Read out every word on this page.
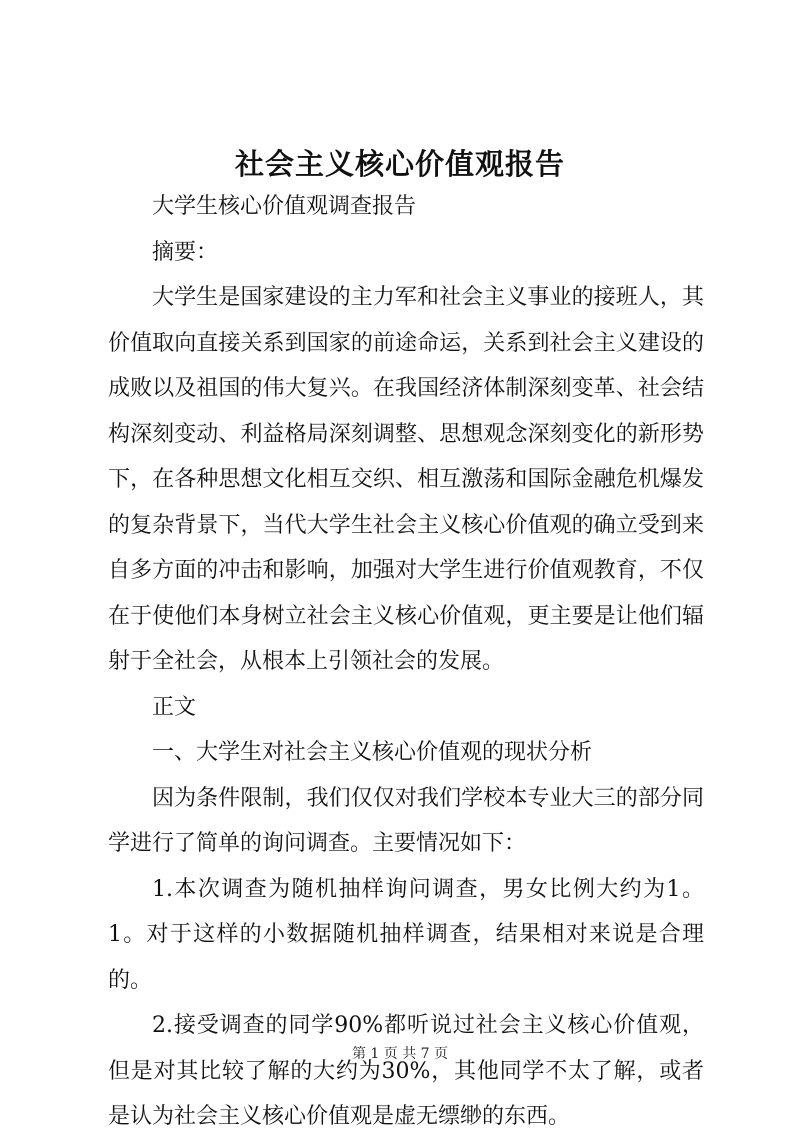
社会主义核心价值观报告

大学生核心价值观调查报告

摘要：

大学生是国家建设的主力军和社会主义事业的接班人，其价值取向直接关系到国家的前途命运，关系到社会主义建设的成败以及祖国的伟大复兴。在我国经济体制深刻变革、社会结构深刻变动、利益格局深刻调整、思想观念深刻变化的新形势下，在各种思想文化相互交织、相互激荡和国际金融危机爆发的复杂背景下，当代大学生社会主义核心价值观的确立受到来自多方面的冲击和影响，加强对大学生进行价值观教育，不仅在于使他们本身树立社会主义核心价值观，更主要是让他们辐射于全社会，从根本上引领社会的发展。

正文

一、大学生对社会主义核心价值观的现状分析

因为条件限制，我们仅仅对我们学校本专业大三的部分同学进行了简单的询问调查。主要情况如下：

1.本次调查为随机抽样询问调查，男女比例大约为1。1。对于这样的小数据随机抽样调查，结果相对来说是合理的。

2.接受调查的同学90%都听说过社会主义核心价值观，但是对其比较了解的大约为30%，其他同学不太了解，或者是认为社会主义核心价值观是虚无缥缈的东西。

第 1 页 共 7 页
